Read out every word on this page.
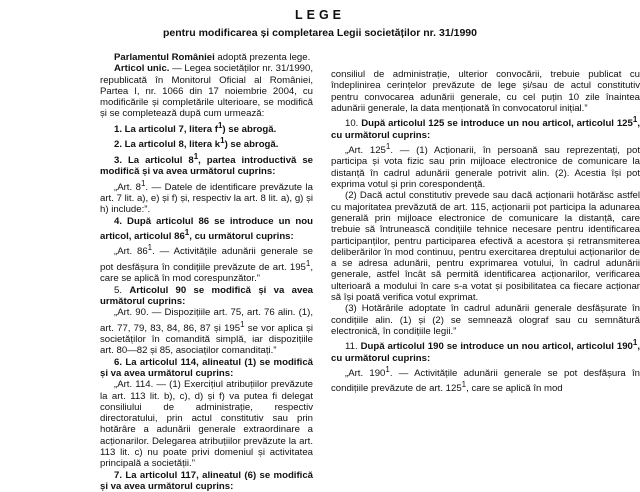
LEGE
pentru modificarea și completarea Legii societăților nr. 31/1990

Parlamentul României adoptă prezenta lege.

Articol unic. — Legea societăților nr. 31/1990, republicată în Monitorul Oficial al României, Partea I, nr. 1066 din 17 noiembrie 2004, cu modificările și completările ulterioare, se modifică și se completează după cum urmează:

1. La articolul 7, litera $f^1$) se abrogă.

2. La articolul 8, litera $k^1$) se abrogă.

3. La articolul $8^1$, partea introductivă se modifică și va avea următorul cuprins:

„Art. $8^1$. — Datele de identificare prevăzute la art. 7 lit. a), e) și f) și, respectiv la art. 8 lit. a), g) și h) include:”.

4. După articolul 86 se introduce un nou articol, articolul $86^1$, cu următorul cuprins:

„Art. $86^1$. — Activitățile adunării generale se pot desfășura în condițiile prevăzute de art. $195^1$, care se aplică în mod corespunzător.”

5. Articolul 90 se modifică și va avea următorul cuprins:

„Art. 90. — Dispozițiile art. 75, art. 76 alin. (1), art. 77, 79, 83, 84, 86, 87 și $195^1$ se vor aplica și societăților în comandită simplă, iar dispozițiile art. 80—82 și 85, asociaților comanditați.”

6. La articolul 114, alineatul (1) se modifică și va avea următorul cuprins:

„Art. 114. — (1) Exercițiul atribuțiilor prevăzute la art. 113 lit. b), c), d) și f) va putea fi delegat consiliului de administrație, respectiv directoratului, prin actul constitutiv sau prin hotărâre a adunării generale extraordinare a acționarilor. Delegarea atribuțiilor prevăzute la art. 113 lit. c) nu poate privi domeniul și activitatea principală a societății.”

7. La articolul 117, alineatul (6) se modifică și va avea următorul cuprins:

consiliul de administrație, ulterior convocării, trebuie publicat cu îndeplinirea cerințelor prevăzute de lege și/sau de actul constitutiv pentru convocarea adunării generale, cu cel puțin 10 zile înaintea adunării generale, la data menționată în convocatorul inițial.”

10. După articolul 125 se introduce un nou articol, articolul $125^1$, cu următorul cuprins:

„Art. $125^1$. — (1) Acționarii, în persoană sau reprezentați, pot participa și vota fizic sau prin mijloace electronice de comunicare la distanță în cadrul adunării generale potrivit alin. (2). Acestia își pot exprima votul și prin corespondență.

(2) Dacă actul constitutiv prevede sau dacă acționarii hotărăsc astfel cu majoritatea prevăzută de art. 115, acționarii pot participa la adunarea generală prin mijloace electronice de comunicare la distanță, care trebuie să întrunească condițiile tehnice necesare pentru identificarea participanților, pentru participarea efectivă a acestora și retransmiterea deliberărilor în mod continuu, pentru exercitarea dreptului acționarilor de a se adresa adunării, pentru exprimarea votului, în cadrul adunării generale, astfel încât să permită identificarea acționarilor, verificarea ulterioară a modului în care s-a votat și posibilitatea ca fiecare acționar să își poată verifica votul exprimat.

(3) Hotărârile adoptate în cadrul adunării generale desfășurate în condițiile alin. (1) și (2) se semnează olograf sau cu semnătură electronică, în condițiile legii.”

11. După articolul 190 se introduce un nou articol, articolul $190^1$, cu următorul cuprins:

„Art. $190^1$. — Activitățile adunării generale se pot desfășura în condițiile prevăzute de art. $125^1$, care se aplică în mod
